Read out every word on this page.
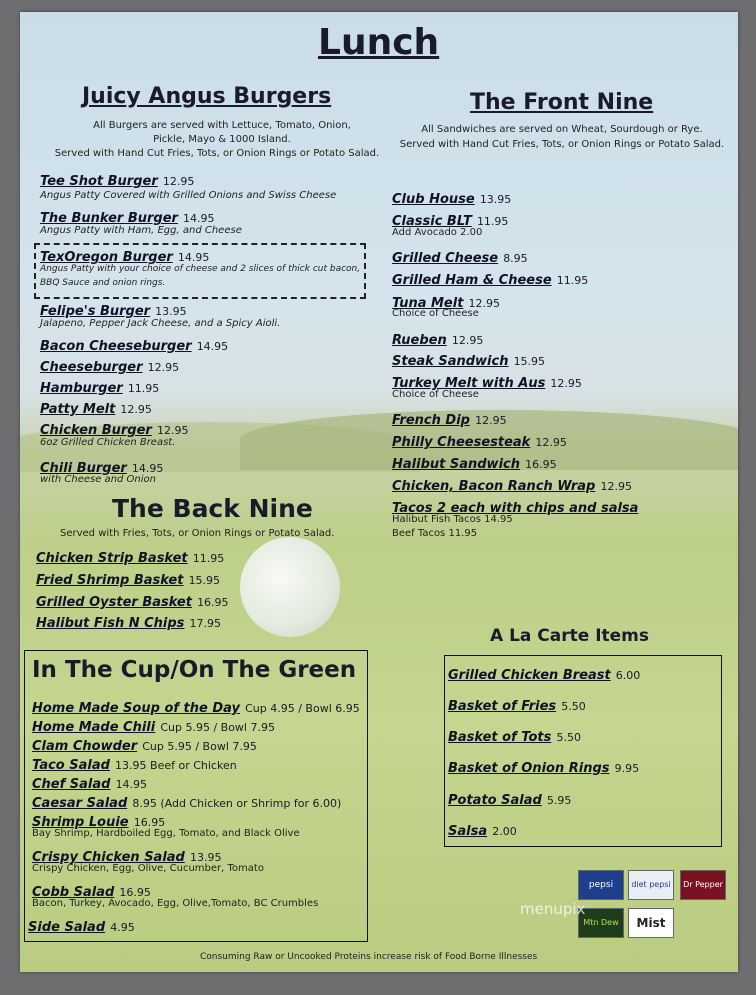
Lunch
Juicy Angus Burgers
All Burgers are served with Lettuce, Tomato, Onion,
Pickle, Mayo & 1000 Island.
Served with Hand Cut Fries, Tots, or Onion Rings or Potato Salad.
Tee Shot Burger 12.95
Angus Patty Covered with Grilled Onions and Swiss Cheese
The Bunker Burger 14.95
Angus Patty with Ham, Egg, and Cheese
TexOregon Burger 14.95
Angus Patty with your choice of cheese and 2 slices of thick cut bacon,
BBQ Sauce and onion rings.
Felipe's Burger 13.95
Jalapeno, Pepper Jack Cheese, and a Spicy Aioli.
Bacon Cheeseburger 14.95
Cheeseburger 12.95
Hamburger 11.95
Patty Melt 12.95
Chicken Burger 12.95
6oz Grilled Chicken Breast.
Chili Burger 14.95
with Cheese and Onion
The Back Nine
Served with Fries, Tots, or Onion Rings or Potato Salad.
Chicken Strip Basket 11.95
Fried Shrimp Basket 15.95
Grilled Oyster Basket 16.95
Halibut Fish N Chips 17.95
The Front Nine
All Sandwiches are served on Wheat, Sourdough or Rye.
Served with Hand Cut Fries, Tots, or Onion Rings or Potato Salad.
Club House 13.95
Classic BLT 11.95
Add Avocado 2.00
Grilled Cheese 8.95
Grilled Ham & Cheese 11.95
Tuna Melt 12.95
Choice of Cheese
Rueben 12.95
Steak Sandwich 15.95
Turkey Melt with Aus 12.95
Choice of Cheese
French Dip 12.95
Philly Cheesesteak 12.95
Halibut Sandwich 16.95
Chicken, Bacon Ranch Wrap 12.95
Tacos 2 each with chips and salsa
Halibut Fish Tacos 14.95
Beef Tacos 11.95
A La Carte Items
Grilled Chicken Breast 6.00
Basket of Fries 5.50
Basket of Tots 5.50
Basket of Onion Rings 9.95
Potato Salad 5.95
Salsa 2.00
In The Cup/On The Green
Home Made Soup of the Day Cup 4.95 / Bowl 6.95
Home Made Chili Cup 5.95 / Bowl 7.95
Clam Chowder Cup 5.95 / Bowl 7.95
Taco Salad 13.95 Beef or Chicken
Chef Salad 14.95
Caesar Salad 8.95 (Add Chicken or Shrimp for 6.00)
Shrimp Louie 16.95
Bay Shrimp, Hardboiled Egg, Tomato, and Black Olive
Crispy Chicken Salad 13.95
Crispy Chicken, Egg, Olive, Cucumber, Tomato
Cobb Salad 16.95
Bacon, Turkey, Avocado, Egg, Olive,Tomato, BC Crumbles
Side Salad 4.95
pepsi	diet pepsi	Dr Pepper
Mtn Dew	Mist
menupix
Consuming Raw or Uncooked Proteins increase risk of Food Borne Illnesses
